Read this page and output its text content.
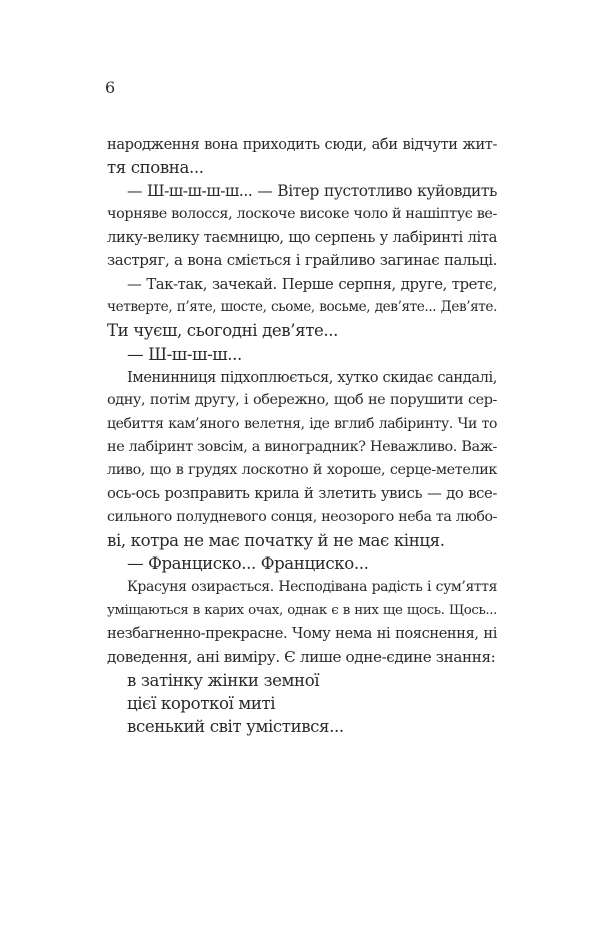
6
народження вона приходить сюди, аби відчути жит-
тя сповна...
— Ш-ш-ш-ш-ш... — Вітер пустотливо куйовдить
чорняве волосся, лоскоче високе чоло й нашіптує ве-
лику-велику таємницю, що серпень у лабіринті літа
застряг, а вона сміється і грайливо загинає пальці.
— Так-так, зачекай. Перше серпня, друге, третє,
четверте, п’яте, шосте, сьоме, восьме, дев’яте... Дев’яте.
Ти чуєш, сьогодні дев’яте...
— Ш-ш-ш-ш...
Іменинниця підхоплюється, хутко скидає сандалі,
одну, потім другу, і обережно, щоб не порушити сер-
цебиття кам’яного велетня, іде вглиб лабіринту. Чи то
не лабіринт зовсім, а виноградник? Неважливо. Важ-
ливо, що в грудях лоскотно й хороше, серце-метелик
ось-ось розправить крила й злетить увись — до все-
сильного полудневого сонця, неозорого неба та любо-
ві, котра не має початку й не має кінця.
— Франциско... Франциско...
Красуня озирається. Несподівана радість і сум’яття
уміщаються в карих очах, однак є в них ще щось. Щось...
незбагненно-прекрасне. Чому нема ні пояснення, ні
доведення, ані виміру. Є лише одне-єдине знання:
в затінку жінки земної
цієї короткої миті
всенький світ умістився...
